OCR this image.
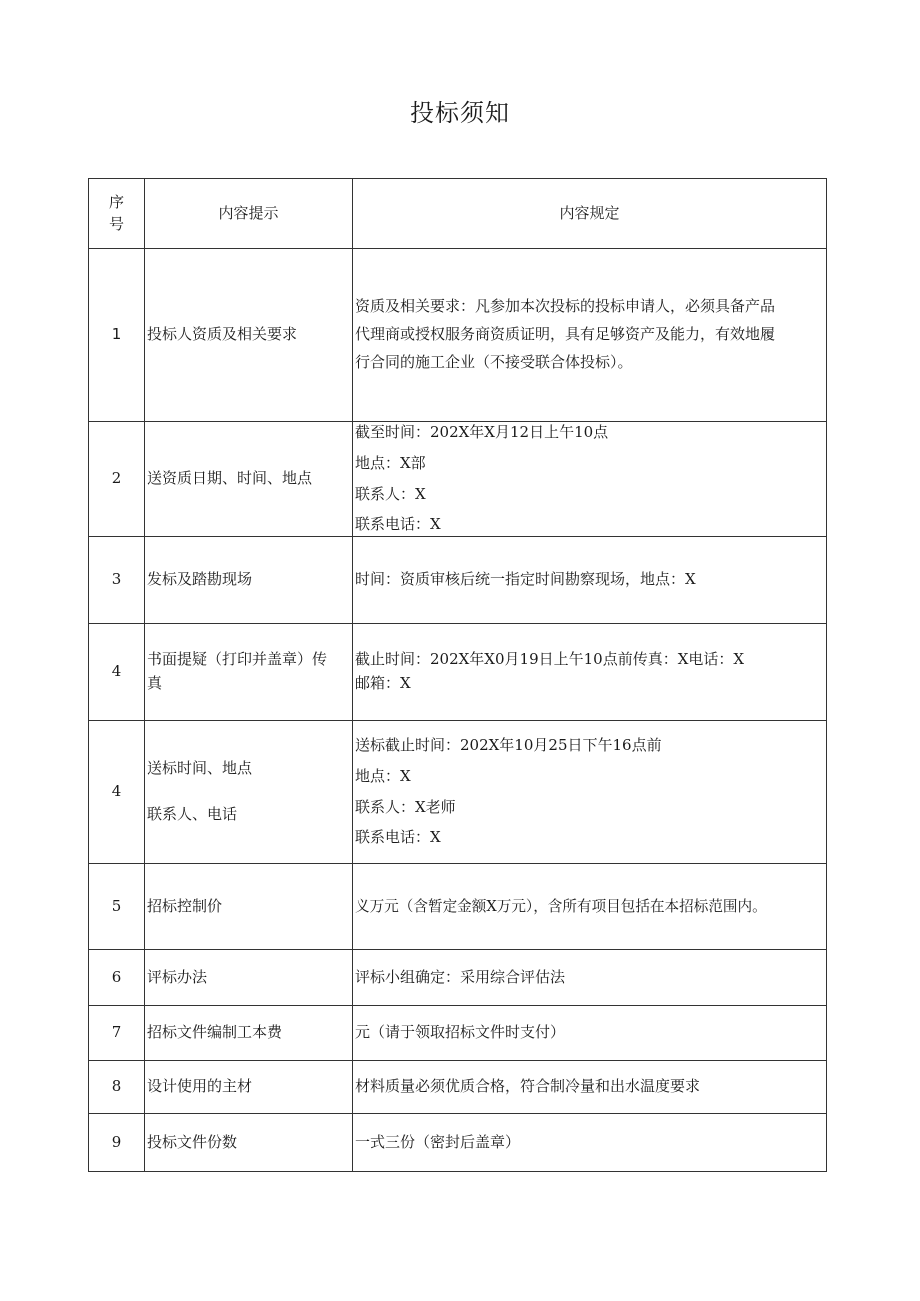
投标须知
序
号	内容提示	内容规定
1	投标人资质及相关要求	资质及相关要求：凡参加本次投标的投标申请人，必须具备产品
代理商或授权服务商资质证明，具有足够资产及能力，有效地履
行合同的施工企业（不接受联合体投标）。

2	送资质日期、时间、地点	截至时间：202X年X月12日上午10点
地点：X部
联系人：X
联系电话：X

3	发标及踏勘现场	时间：资质审核后统一指定时间勘察现场，地点：X

4	书面提疑（打印并盖章）传
真	截止时间：202X年X0月19日上午10点前传真：X电话：X
邮箱：X

4	送标时间、地点
联系人、电话	送标截止时间：202X年10月25日下午16点前
地点：X
联系人：X老师
联系电话：X

5	招标控制价	义万元（含暂定金额X万元），含所有项目包括在本招标范围内。

6	评标办法	评标小组确定：采用综合评估法

7	招标文件编制工本费	元（请于领取招标文件时支付）

8	设计使用的主材	材料质量必须优质合格，符合制冷量和出水温度要求

9	投标文件份数	一式三份（密封后盖章）
